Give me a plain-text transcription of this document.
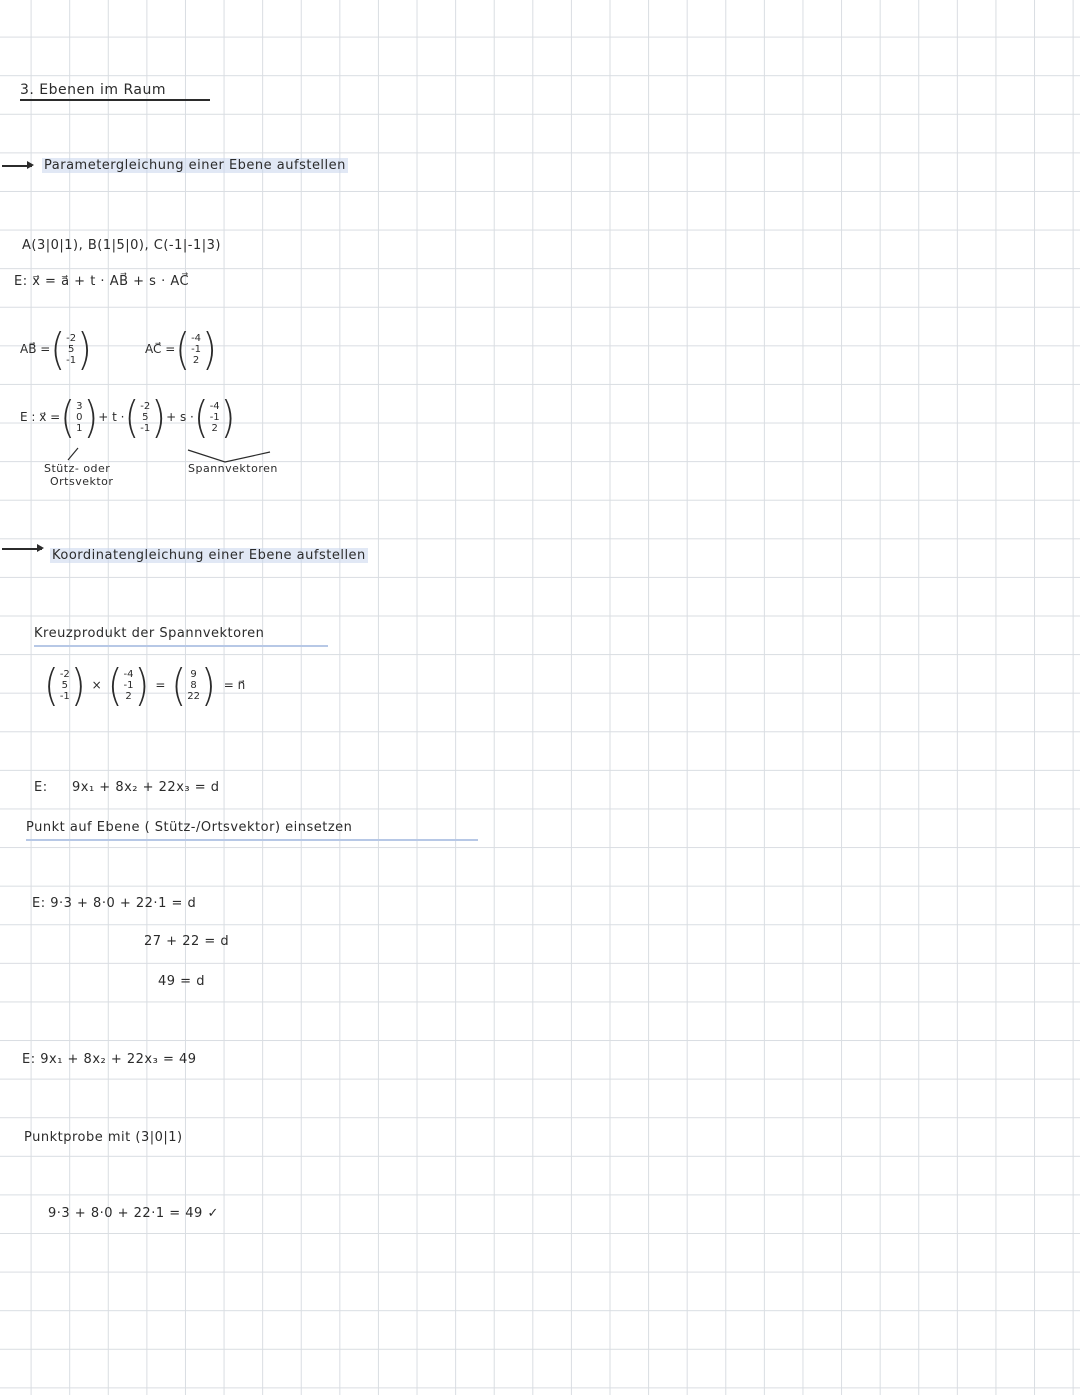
3. Ebenen im Raum
Parametergleichung einer Ebene aufstellen
A(3|0|1), B(1|5|0), C(-1|-1|3)
E: x⃗ = a⃗ + t · AB⃗ + s · AC⃗
AB⃗ = ( -2
5
-1 )	AC⃗ = ( -4
-1
2 )
E : x⃗ = ( 3
0
1 ) + t · ( -2
5
-1 ) + s · ( -4
-1
2 )
Stütz- oder
Ortsvektor
Spannvektoren
Koordinatengleichung einer Ebene aufstellen
Kreuzprodukt der Spannvektoren
( -2
5
-1 ) × ( -4
-1
2 ) = ( 9
8
22 ) = n⃗
E: 9x₁ + 8x₂ + 22x₃ = d
Punkt auf Ebene ( Stütz-/Ortsvektor) einsetzen
E: 9·3 + 8·0 + 22·1 = d
27 + 22 = d
49 = d
E: 9x₁ + 8x₂ + 22x₃ = 49
Punktprobe mit (3|0|1)
9·3 + 8·0 + 22·1 = 49 ✓
